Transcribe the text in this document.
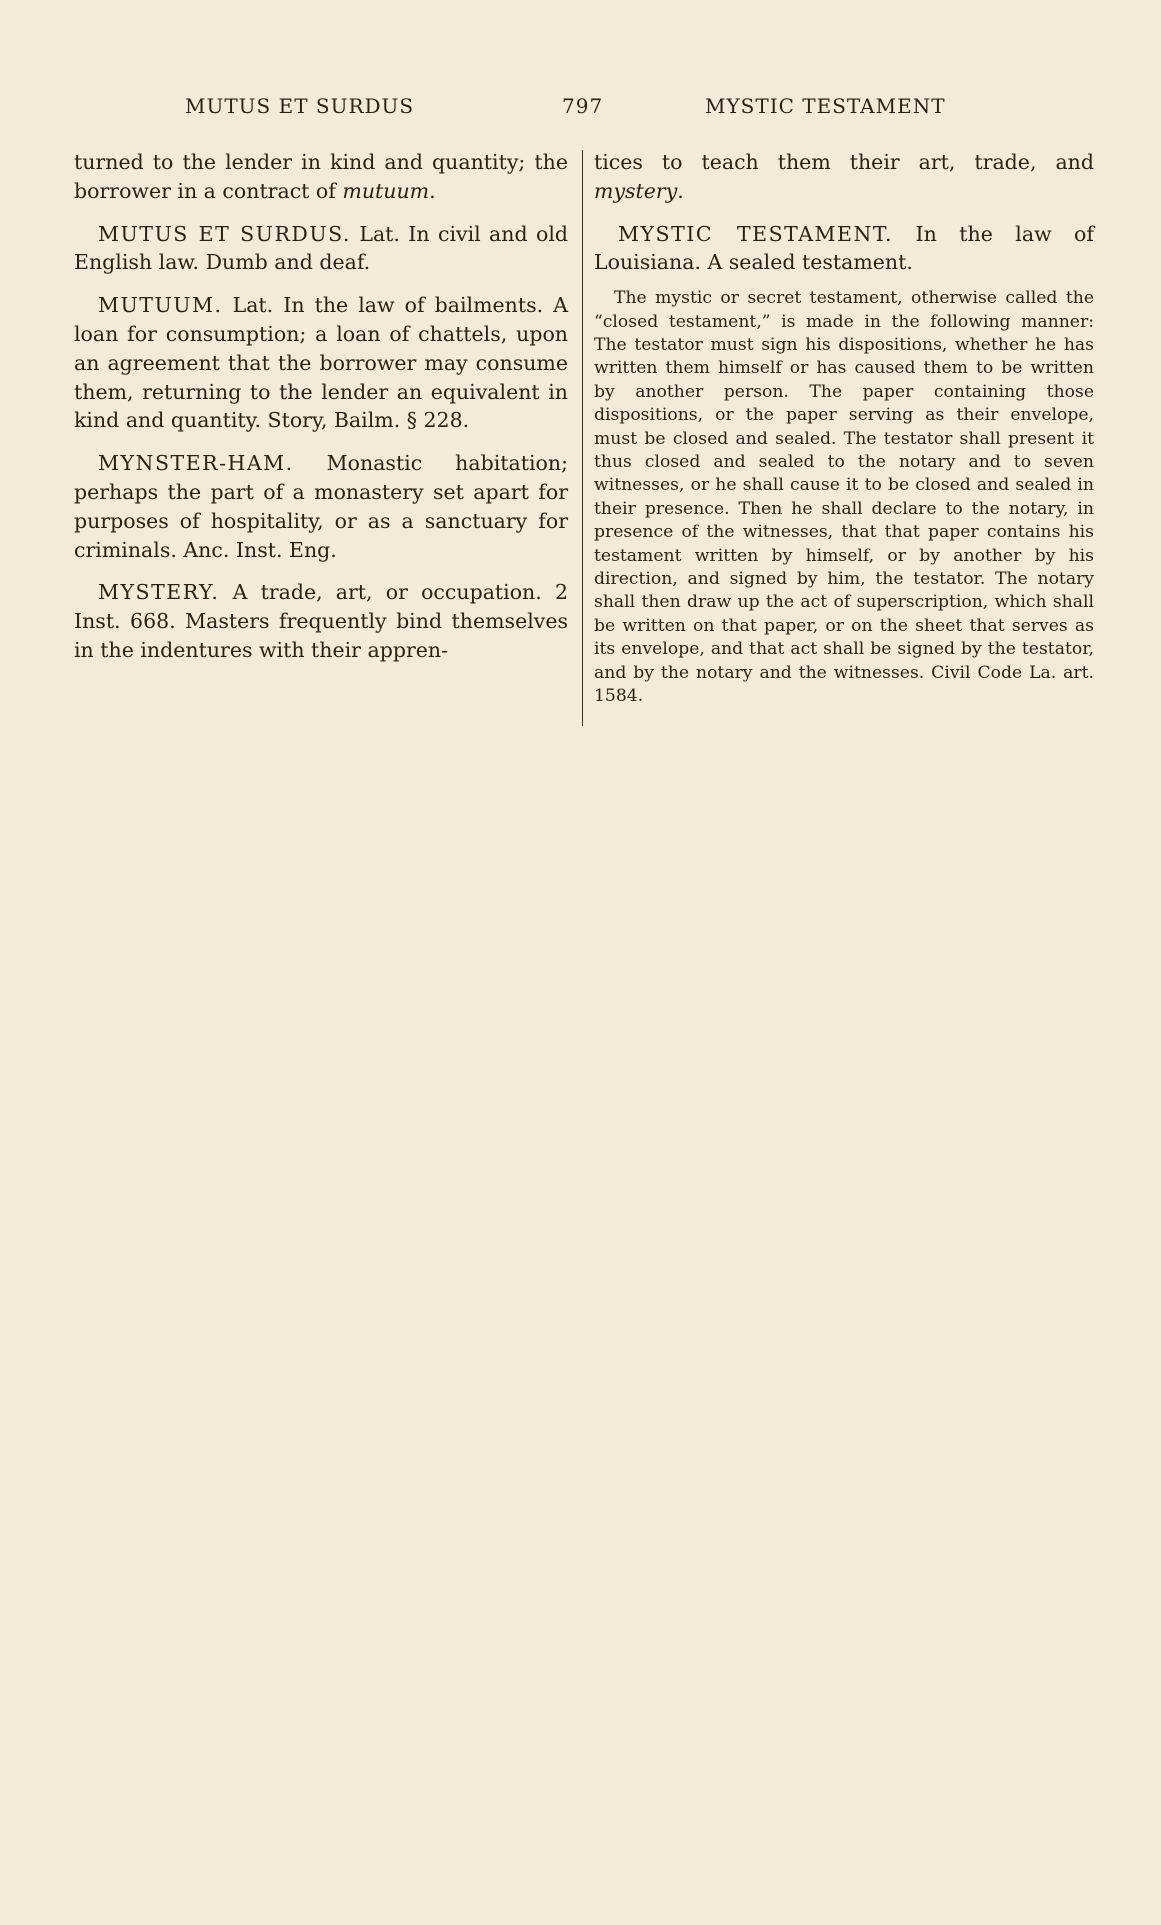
MUTUS ET SURDUS	797	MYSTIC TESTAMENT

turned to the lender in kind and quantity; the borrower in a contract of mutuum.

MUTUS ET SURDUS. Lat. In civil and old English law. Dumb and deaf.

MUTUUM. Lat. In the law of bailments. A loan for consumption; a loan of chattels, upon an agreement that the borrower may consume them, returning to the lender an equivalent in kind and quantity. Story, Bailm. § 228.

MYNSTER-HAM. Monastic habitation; perhaps the part of a monastery set apart for purposes of hospitality, or as a sanctuary for criminals. Anc. Inst. Eng.

MYSTERY. A trade, art, or occupation. 2 Inst. 668. Masters frequently bind themselves in the indentures with their appren-

tices to teach them their art, trade, and mystery.

MYSTIC TESTAMENT. In the law of Louisiana. A sealed testament.

The mystic or secret testament, otherwise called the “closed testament,” is made in the following manner: The testator must sign his dispositions, whether he has written them himself or has caused them to be written by another person. The paper containing those dispositions, or the paper serving as their envelope, must be closed and sealed. The testator shall present it thus closed and sealed to the notary and to seven witnesses, or he shall cause it to be closed and sealed in their presence. Then he shall declare to the notary, in presence of the witnesses, that that paper contains his testament written by himself, or by another by his direction, and signed by him, the testator. The notary shall then draw up the act of superscription, which shall be written on that paper, or on the sheet that serves as its envelope, and that act shall be signed by the testator, and by the notary and the witnesses. Civil Code La. art. 1584.
